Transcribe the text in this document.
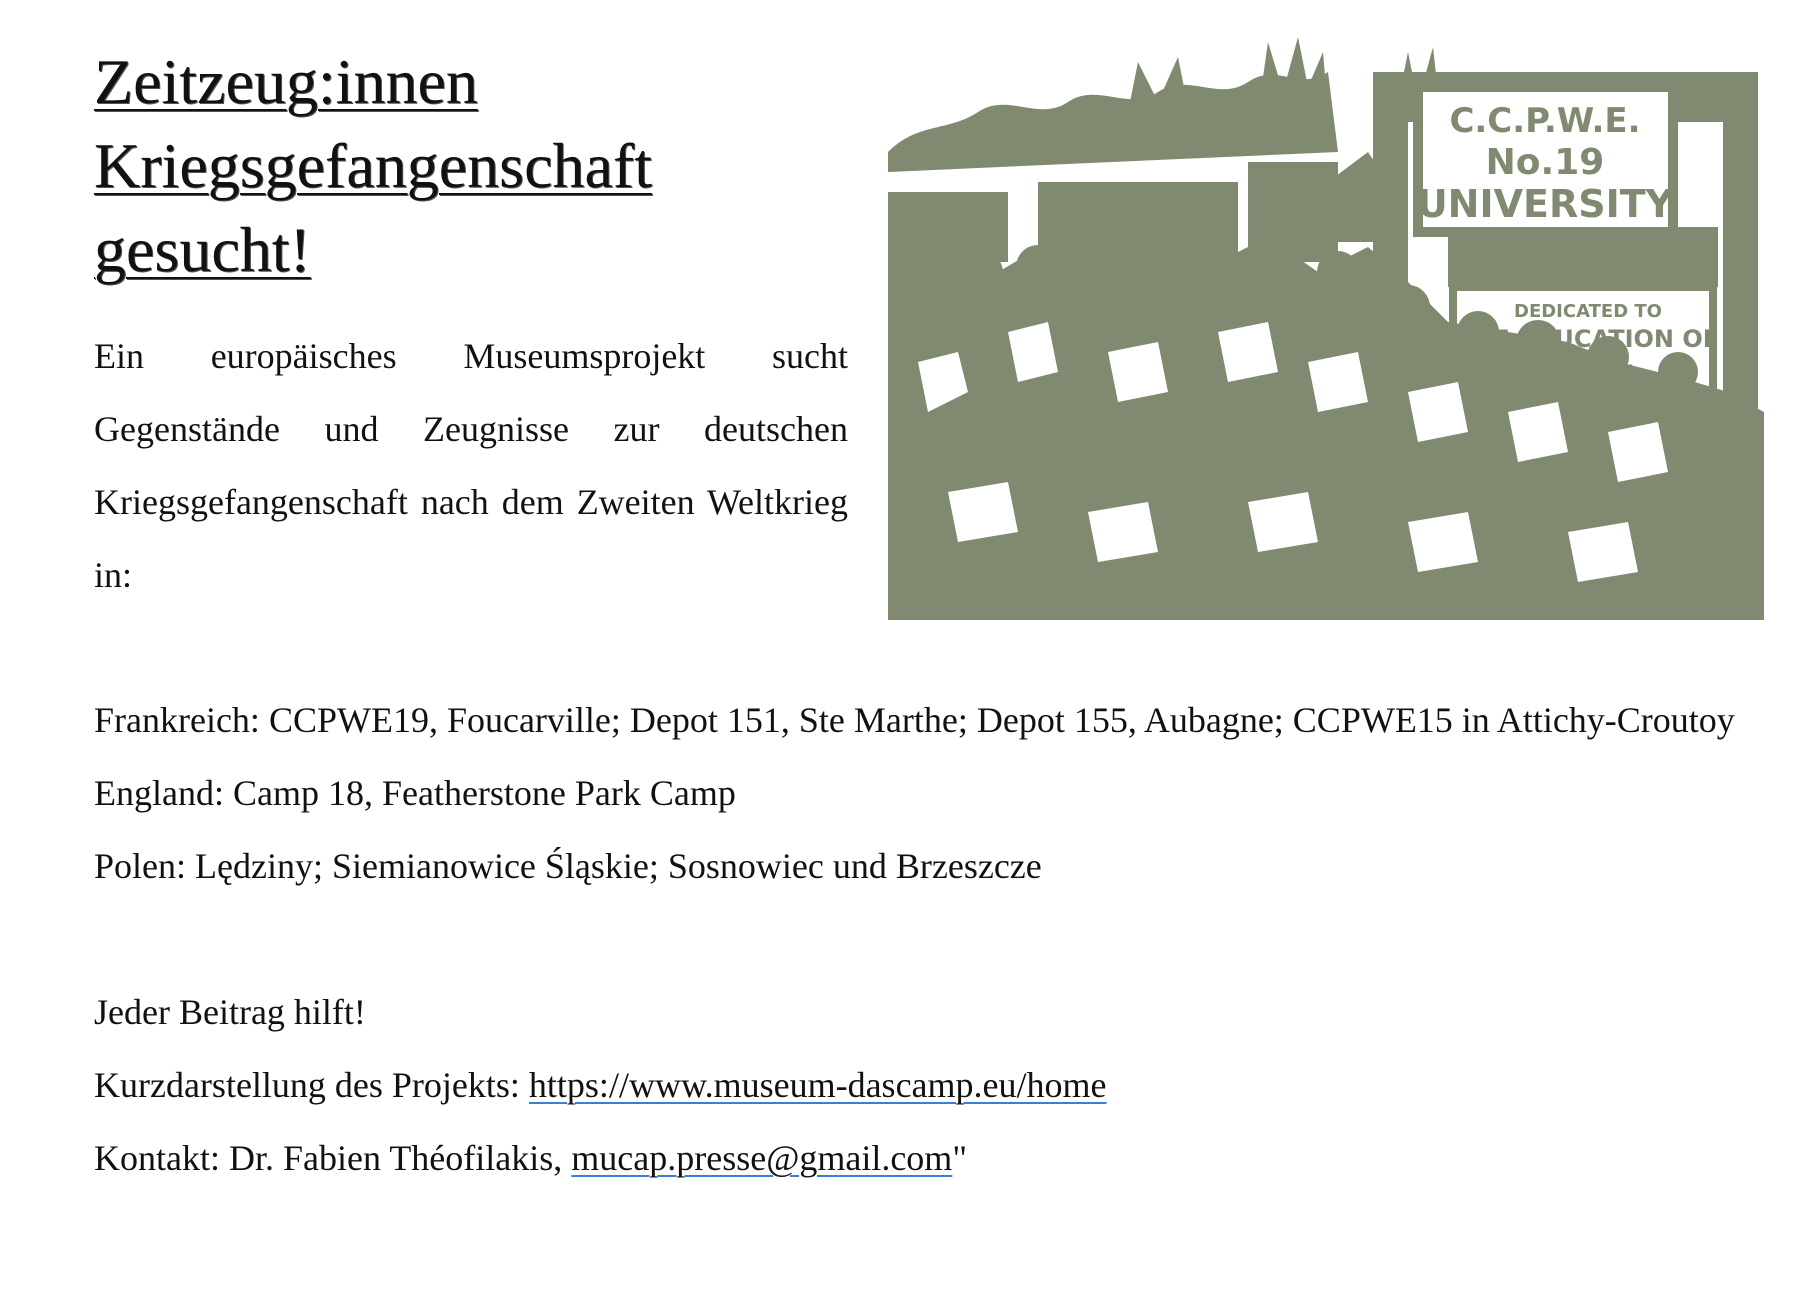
Zeitzeug:innen
Kriegsgefangenschaft
gesucht!

Ein europäisches Museumsprojekt sucht Gegenstände und Zeugnisse zur deutschen Kriegsgefangenschaft nach dem Zweiten Weltkrieg in:

C.C.P.W.E.
No.19
UNIVERSITY
DEDICATED TO
THE EDUCATION OF
YOUTH

Frankreich: CCPWE19, Foucarville; Depot 151, Ste Marthe; Depot 155, Aubagne; CCPWE15 in Attichy-Croutoy

England: Camp 18, Featherstone Park Camp

Polen: Lędziny; Siemianowice Śląskie; Sosnowiec und Brzeszcze

Jeder Beitrag hilft!

Kurzdarstellung des Projekts: https://www.museum-dascamp.eu/home

Kontakt: Dr. Fabien Théofilakis, mucap.presse@gmail.com"
